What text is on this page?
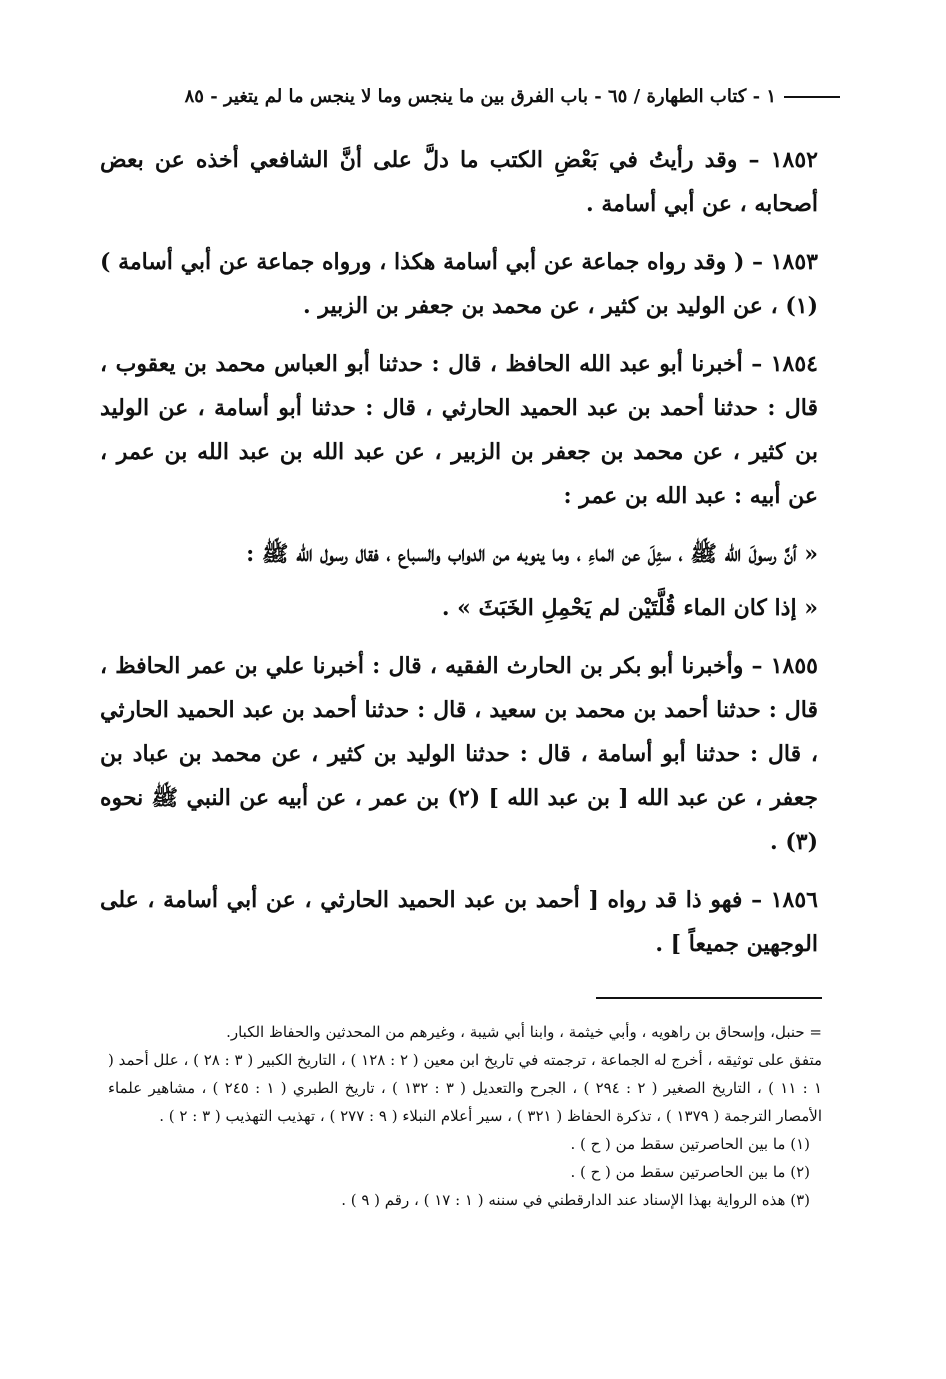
١ - كتاب الطهارة / ٦٥ - باب الفرق بين ما ينجس وما لا ينجس ما لم يتغير - ٨٥

١٨٥٢ – وقد رأيتُ في بَعْضِ الكتب ما دلَّ على أنَّ الشافعي أخذه عن بعض أصحابه ، عن أبي أسامة .

١٨٥٣ – ( وقد رواه جماعة عن أبي أسامة هكذا ، ورواه جماعة عن أبي أسامة ) (١) ، عن الوليد بن كثير ، عن محمد بن جعفر بن الزبير .

١٨٥٤ – أخبرنا أبو عبد الله الحافظ ، قال : حدثنا أبو العباس محمد بن يعقوب ، قال : حدثنا أحمد بن عبد الحميد الحارثي ، قال : حدثنا أبو أسامة ، عن الوليد بن كثير ، عن محمد بن جعفر بن الزبير ، عن عبد الله بن عبد الله بن عمر ، عن أبيه : عبد الله بن عمر :

« أنَّ رسولَ الله ﷺ ، سئِلَ عن الماءِ ، وما ينوبه من الدواب والسباع ، فقال رسول الله ﷺ :

« إذا كان الماء قُلَّتَيْن لم يَحْمِلِ الخَبَثَ » .

١٨٥٥ – وأخبرنا أبو بكر بن الحارث الفقيه ، قال : أخبرنا علي بن عمر الحافظ ، قال : حدثنا أحمد بن محمد بن سعيد ، قال : حدثنا أحمد بن عبد الحميد الحارثي ، قال : حدثنا أبو أسامة ، قال : حدثنا الوليد بن كثير ، عن محمد بن عباد بن جعفر ، عن عبد الله [ بن عبد الله ] (٢) بن عمر ، عن أبيه عن النبي ﷺ نحوه (٣) .

١٨٥٦ – فهو ذا قد رواه [ أحمد بن عبد الحميد الحارثي ، عن أبي أسامة ، على الوجهين جميعاً ] .

= حنبل، وإسحاق بن راهويه ، وأبي خيثمة ، وابنا أبي شيبة ، وغيرهم من المحدثين والحفاظ الكبار.

متفق على توثيقه ، أخرج له الجماعة ، ترجمته في تاريخ ابن معين ( ٢ : ١٢٨ ) ، التاريخ الكبير ( ٣ : ٢٨ ) ، علل أحمد ( ١ : ١١ ) ، التاريخ الصغير ( ٢ : ٢٩٤ ) ، الجرح والتعديل ( ٣ : ١٣٢ ) ، تاريخ الطبري ( ١ : ٢٤٥ ) ، مشاهير علماء الأمصار الترجمة ( ١٣٧٩ ) ، تذكرة الحفاظ ( ٣٢١ ) ، سير أعلام النبلاء ( ٩ : ٢٧٧ ) ، تهذيب التهذيب ( ٣ : ٢ ) .

(١) ما بين الحاصرتين سقط من ( ح ) .

(٢) ما بين الحاصرتين سقط من ( ح ) .

(٣) هذه الرواية بهذا الإسناد عند الدارقطني في سننه ( ١ : ١٧ ) ، رقم ( ٩ ) .
